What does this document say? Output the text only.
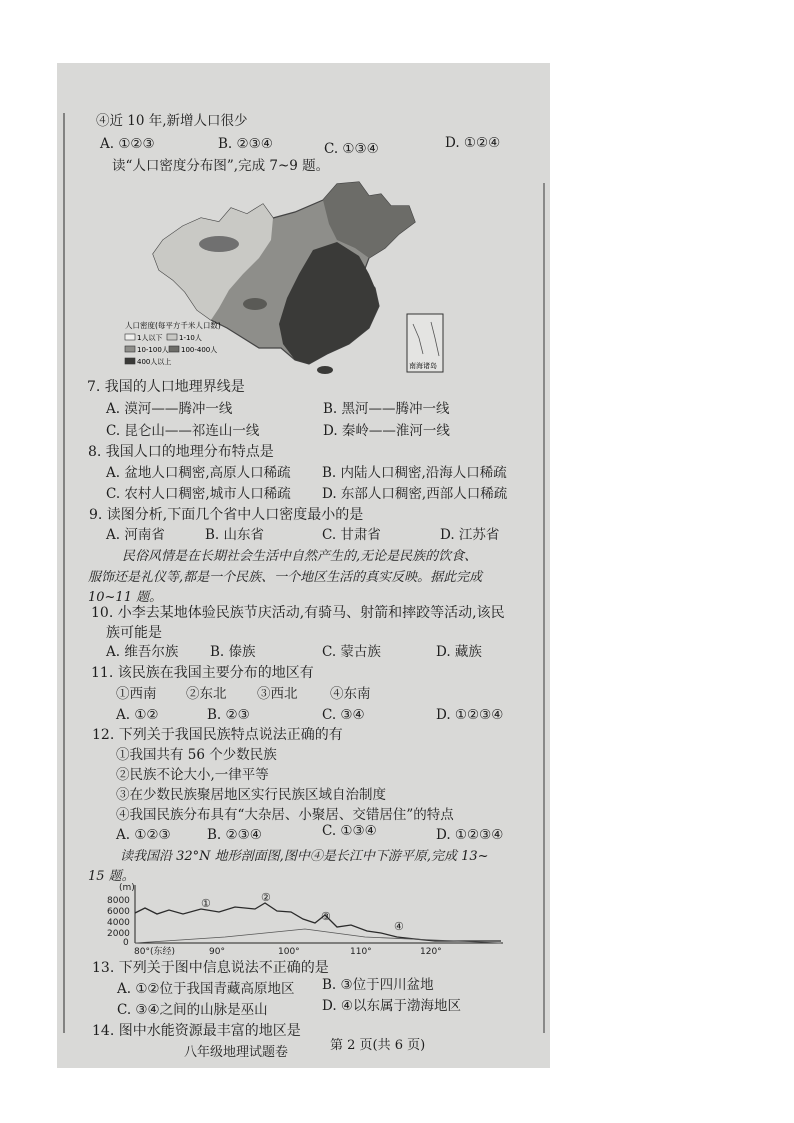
④近 10 年,新增人口很少
A. ①②③	B. ②③④	C. ①③④	D. ①②④
读“人口密度分布图”,完成 7~9 题。
南海诸岛
人口密度(每平方千米人口数)
1人以下 1-10人
10-100人 100-400人
400人以上
7. 我国的人口地理界线是
A. 漠河——腾冲一线	B. 黑河——腾冲一线
C. 昆仑山——祁连山一线	D. 秦岭——淮河一线
8. 我国人口的地理分布特点是
A. 盆地人口稠密,高原人口稀疏 B. 内陆人口稠密,沿海人口稀疏
C. 农村人口稠密,城市人口稀疏 D. 东部人口稠密,西部人口稀疏
9. 读图分析,下面几个省中人口密度最小的是
A. 河南省	B. 山东省	C. 甘肃省	D. 江苏省
民俗风情是在长期社会生活中自然产生的,无论是民族的饮食、
服饰还是礼仪等,都是一个民族、一个地区生活的真实反映。据此完成
10~11 题。
10. 小李去某地体验民族节庆活动,有骑马、射箭和摔跤等活动,该民
族可能是
A. 维吾尔族 B. 傣族	C. 蒙古族	D. 藏族
11. 该民族在我国主要分布的地区有
①西南 ②东北 ③西北 ④东南
A. ①②	B. ②③	C. ③④	D. ①②③④
12. 下列关于我国民族特点说法正确的有
①我国共有 56 个少数民族
②民族不论大小,一律平等
③在少数民族聚居地区实行民族区域自治制度
④我国民族分布具有“大杂居、小聚居、交错居住”的特点
A. ①②③	B. ②③④	C. ①③④	D. ①②③④
读我国沿 32°N 地形剖面图,图中④是长江中下游平原,完成 13~
15 题。
(m)
8000
6000
4000
2000
0
80°(东经)	90°	100°	110°	120°
①	②
③
④
13. 下列关于图中信息说法不正确的是
A. ①②位于我国青藏高原地区 B. ③位于四川盆地
C. ③④之间的山脉是巫山	D. ④以东属于渤海地区
14. 图中水能资源最丰富的地区是
八年级地理试题卷	第 2 页(共 6 页)
